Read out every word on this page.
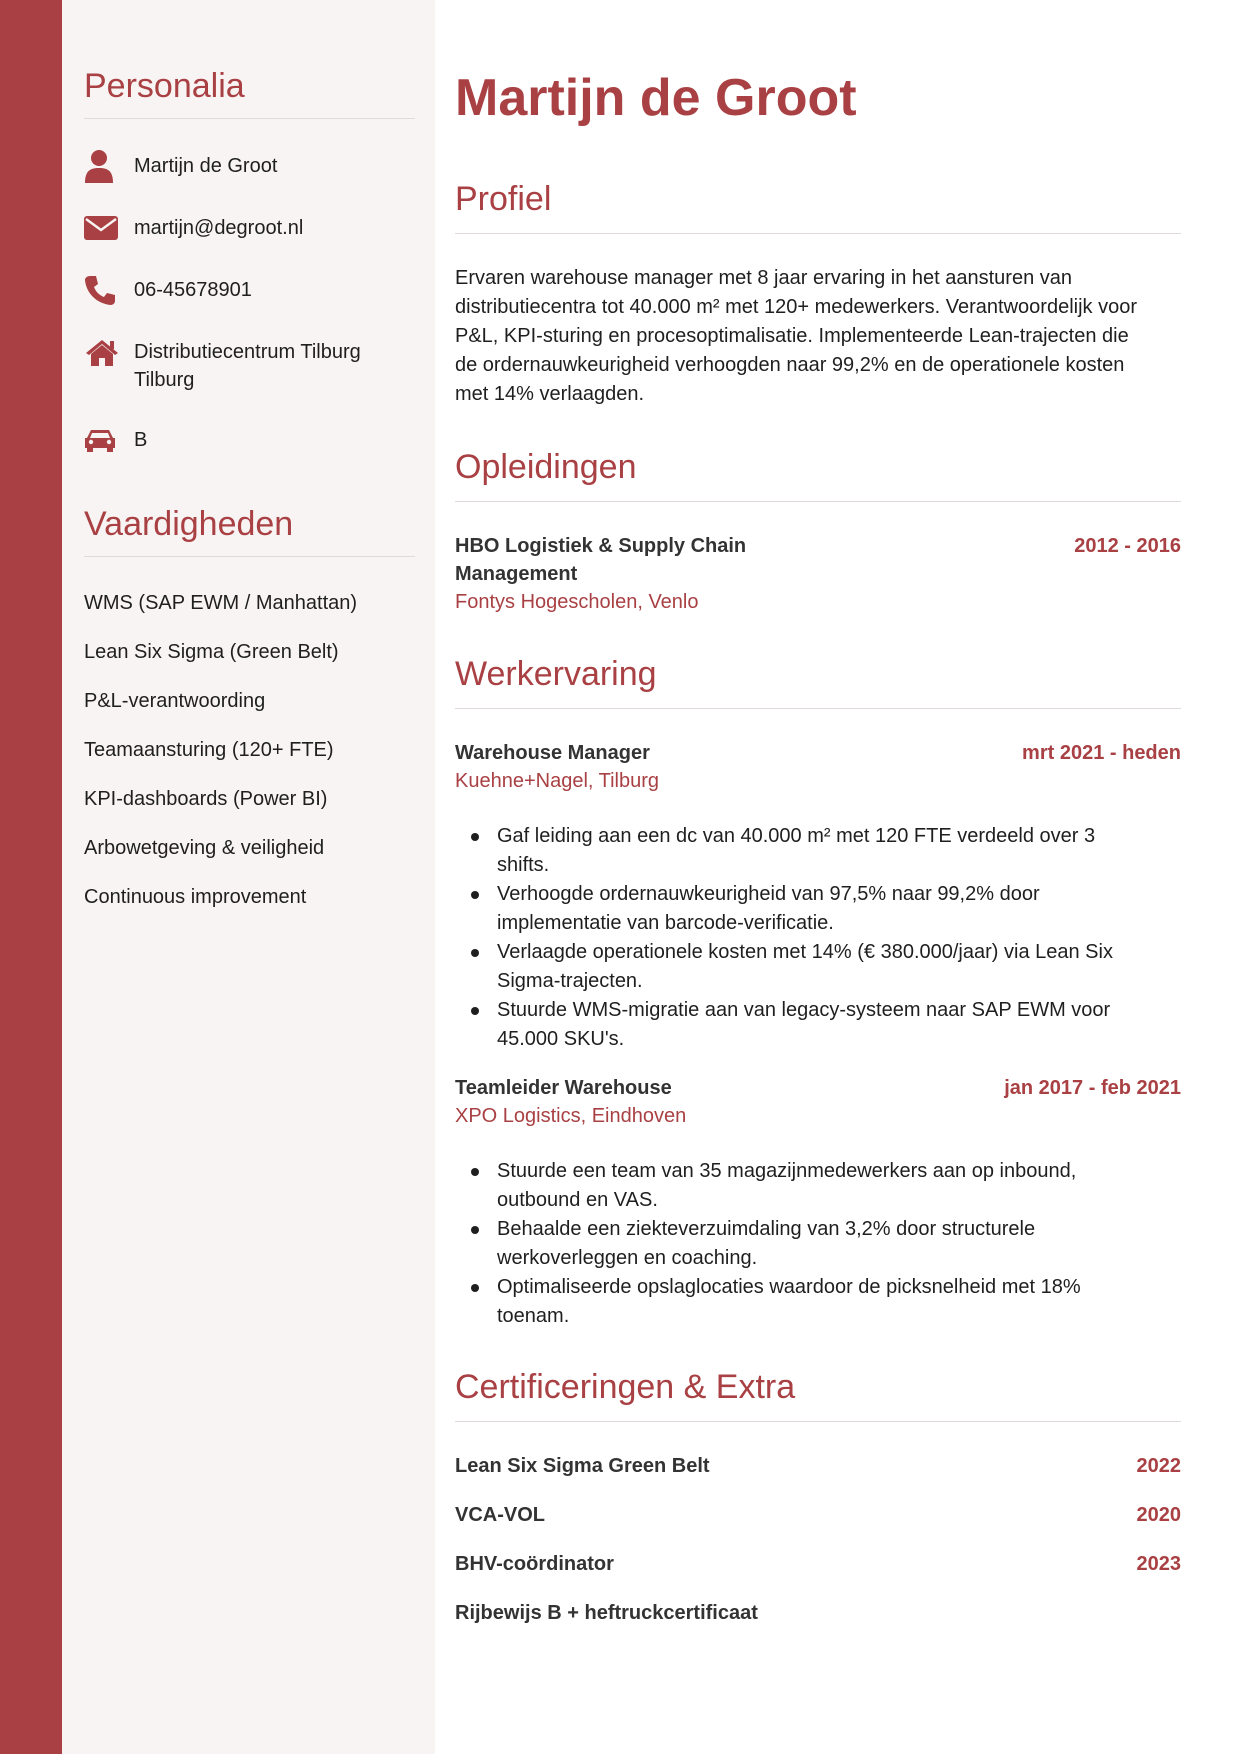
Personalia
Martijn de Groot
martijn@degroot.nl
06-45678901
Distributiecentrum Tilburg
Tilburg
B
Vaardigheden
WMS (SAP EWM / Manhattan)
Lean Six Sigma (Green Belt)
P&L-verantwoording
Teamaansturing (120+ FTE)
KPI-dashboards (Power BI)
Arbowetgeving & veiligheid
Continuous improvement
Martijn de Groot
Profiel
Ervaren warehouse manager met 8 jaar ervaring in het aansturen van
distributiecentra tot 40.000 m² met 120+ medewerkers. Verantwoordelijk voor
P&L, KPI-sturing en procesoptimalisatie. Implementeerde Lean-trajecten die
de ordernauwkeurigheid verhoogden naar 99,2% en de operationele kosten
met 14% verlaagden.
Opleidingen
HBO Logistiek & Supply Chain
Management
2012 - 2016
Fontys Hogescholen, Venlo
Werkervaring
Warehouse Manager	mrt 2021 - heden
Kuehne+Nagel, Tilburg
Gaf leiding aan een dc van 40.000 m² met 120 FTE verdeeld over 3
shifts.
Verhoogde ordernauwkeurigheid van 97,5% naar 99,2% door
implementatie van barcode-verificatie.
Verlaagde operationele kosten met 14% (€ 380.000/jaar) via Lean Six
Sigma-trajecten.
Stuurde WMS-migratie aan van legacy-systeem naar SAP EWM voor
45.000 SKU's.
Teamleider Warehouse	jan 2017 - feb 2021
XPO Logistics, Eindhoven
Stuurde een team van 35 magazijnmedewerkers aan op inbound,
outbound en VAS.
Behaalde een ziekteverzuimdaling van 3,2% door structurele
werkoverleggen en coaching.
Optimaliseerde opslaglocaties waardoor de picksnelheid met 18%
toenam.
Certificeringen & Extra
Lean Six Sigma Green Belt	2022
VCA-VOL	2020
BHV-coördinator	2023
Rijbewijs B + heftruckcertificaat
